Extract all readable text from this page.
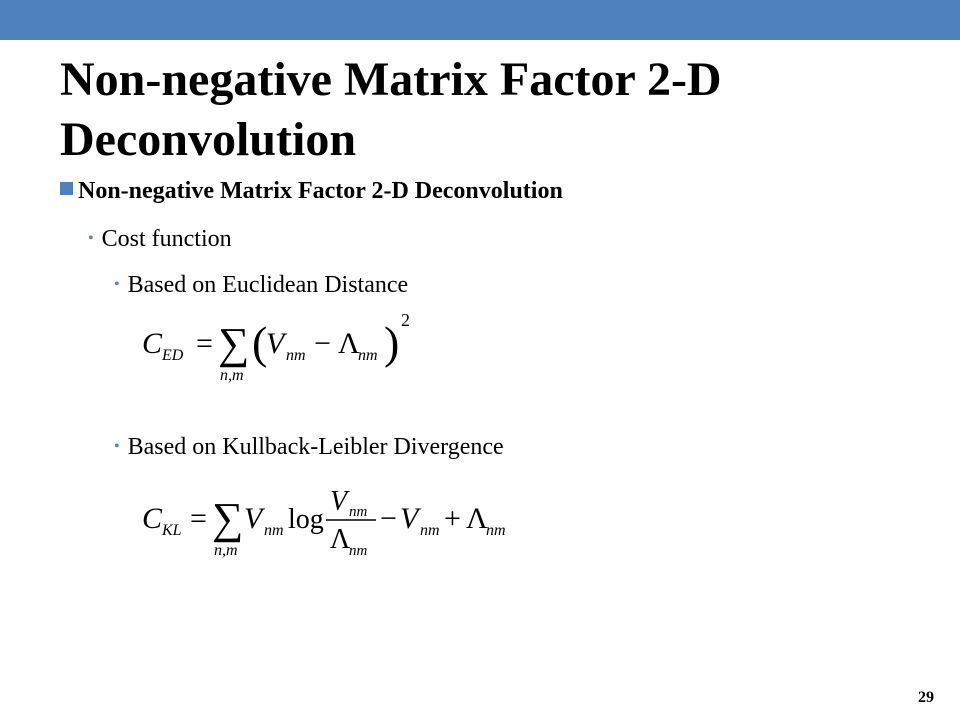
Non-negative Matrix Factor 2-D
Deconvolution
Non-negative Matrix Factor 2-D Deconvolution
• Cost function
• Based on Euclidean Distance
C ED = ∑
n,m
(
V nm − Λ
nm ) 2
• Based on Kullback-Leibler Divergence
C KL = ∑
n,m
V nm log
V nm
Λ
nm
− V nm + Λ
nm
29
